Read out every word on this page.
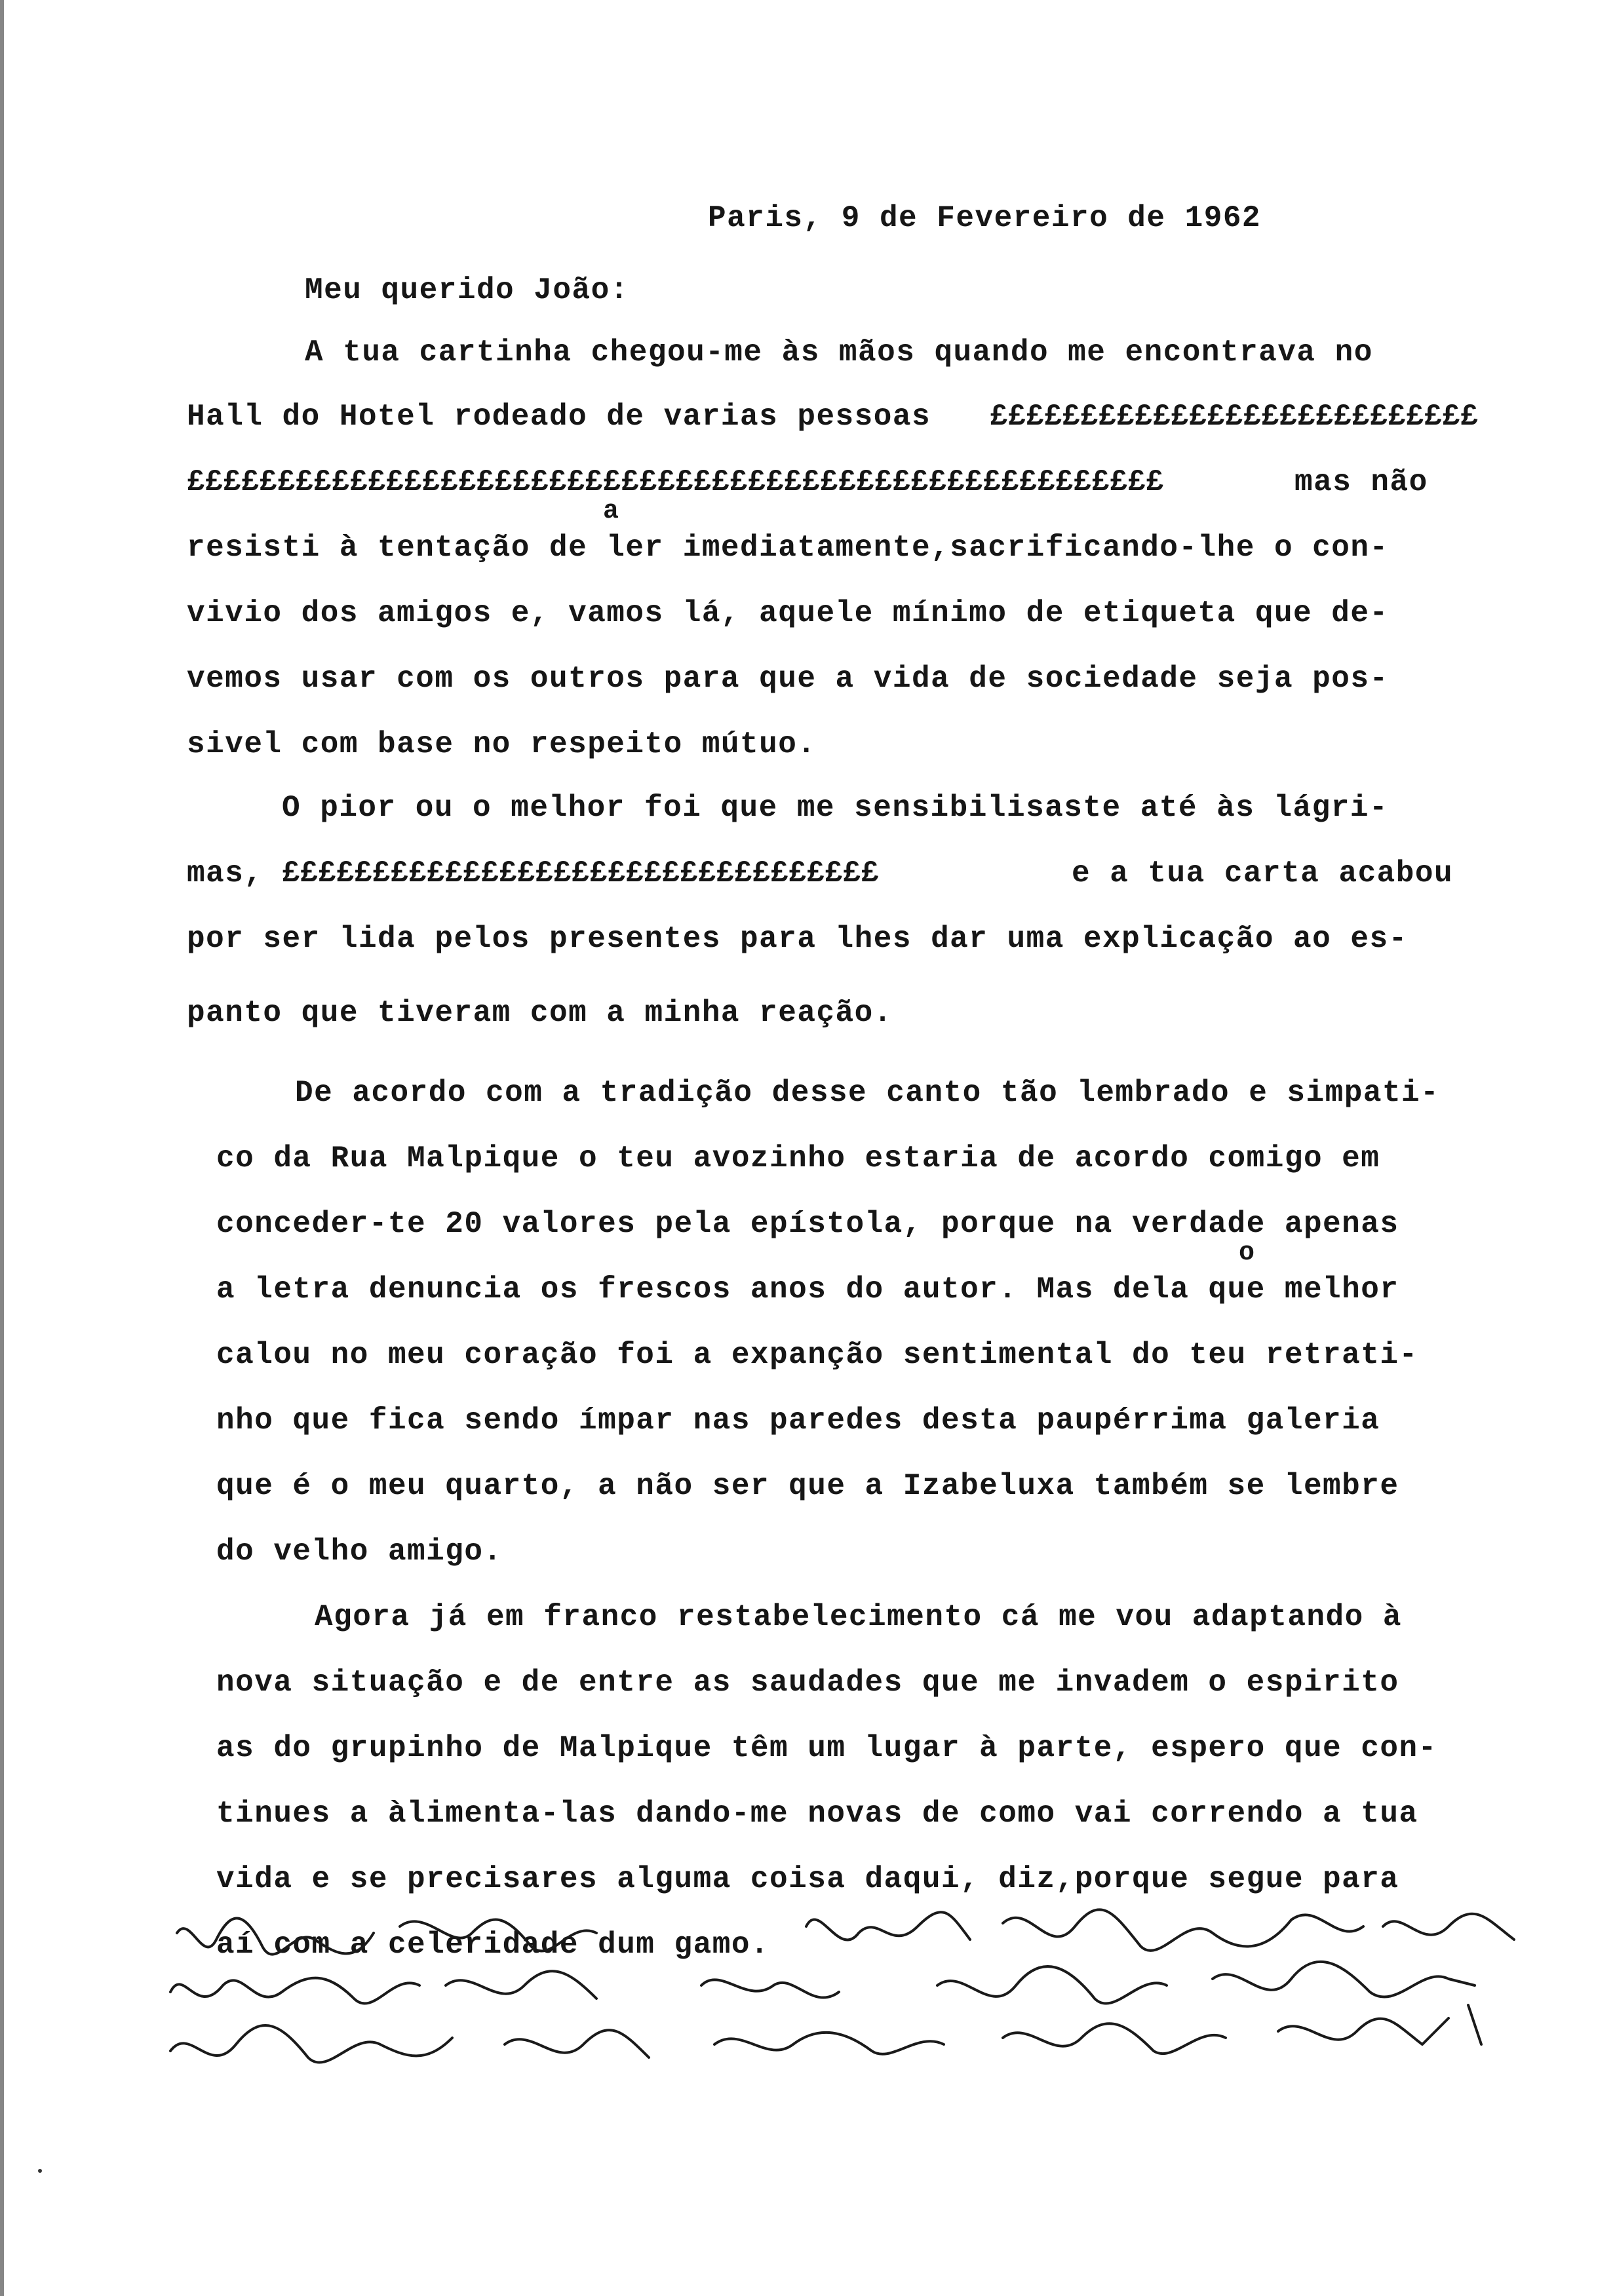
Paris, 9 de Fevereiro de 1962
Meu querido João:
A tua cartinha chegou-me às mãos quando me encontrava no
Hall do Hotel rodeado de varias pessoas £££££££££££££££££££££££££££
££££££££££££££££££££££££££££££££££££££££££££££££££££££	mas não
a
resisti à tentação de ler imediatamente,sacrificando-lhe o con-
vivio dos amigos e, vamos lá, aquele mínimo de etiqueta que de-
vemos usar com os outros para que a vida de sociedade seja pos-
sivel com base no respeito mútuo.
O pior ou o melhor foi que me sensibilisaste até às lágri-
mas, £££££££££££££££££££££££££££££££££	e a tua carta acabou
por ser lida pelos presentes para lhes dar uma explicação ao es-
panto que tiveram com a minha reação.
De acordo com a tradição desse canto tão lembrado e simpati-
co da Rua Malpique o teu avozinho estaria de acordo comigo em
conceder-te 20 valores pela epístola, porque na verdade apenas
o
a letra denuncia os frescos anos do autor. Mas dela que melhor
calou no meu coração foi a expanção sentimental do teu retrati-
nho que fica sendo ímpar nas paredes desta paupérrima galeria
que é o meu quarto, a não ser que a Izabeluxa também se lembre
do velho amigo.
Agora já em franco restabelecimento cá me vou adaptando à
nova situação e de entre as saudades que me invadem o espirito
as do grupinho de Malpique têm um lugar à parte, espero que con-
tinues a àlimenta-las dando-me novas de como vai correndo a tua
vida e se precisares alguma coisa daqui, diz,porque segue para
aí com a celeridade dum gamo.
